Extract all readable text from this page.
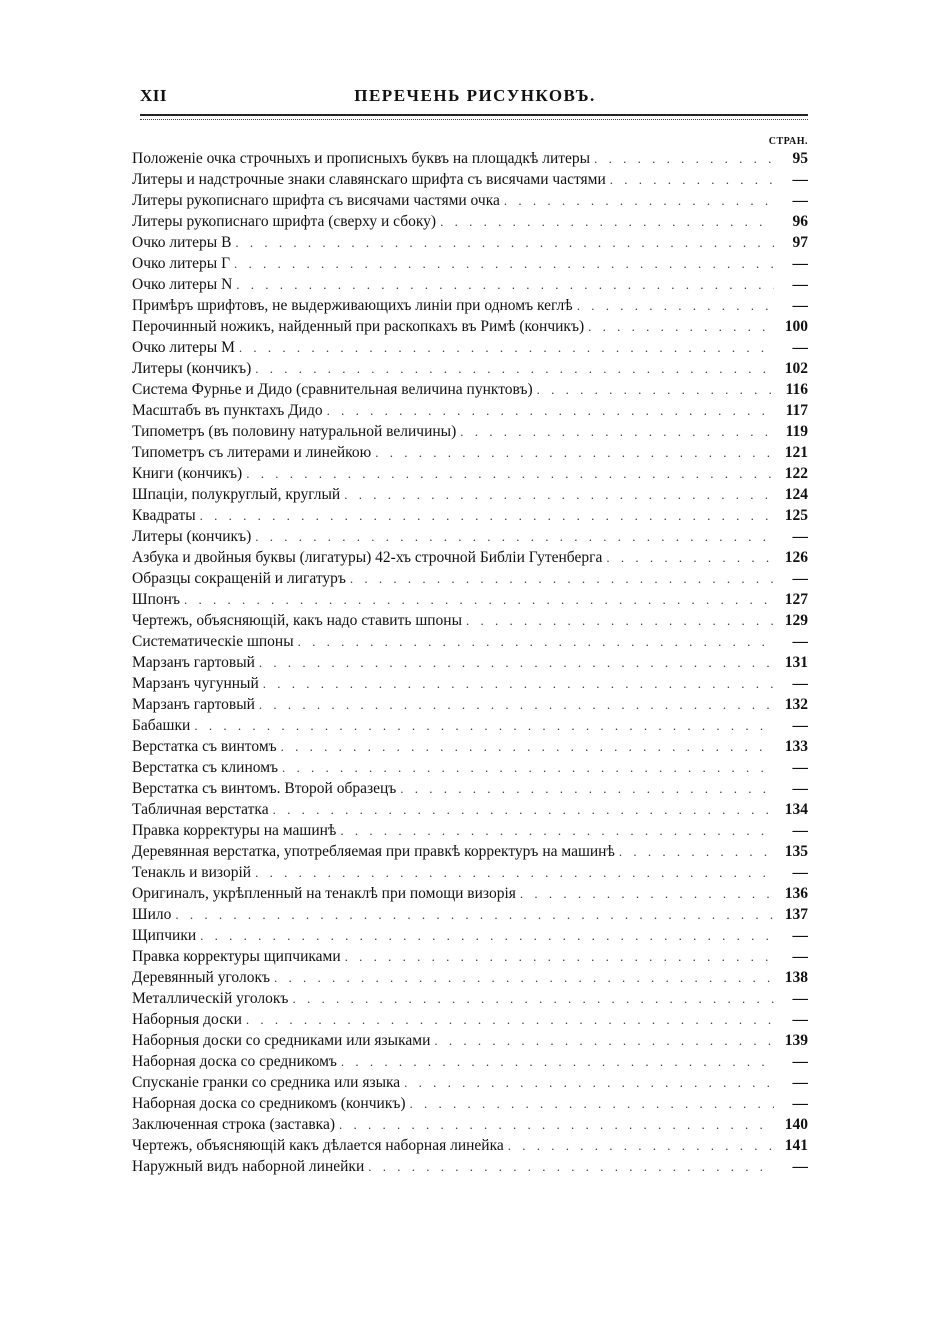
XII	ПЕРЕЧЕНЬ РИСУНКОВЪ.
СТРАН.
Положеніе очка строчныхъ и прописныхъ буквъ на площадкѣ литеры . . .	95
Литеры и надстрочные знаки славянскаго шрифта съ висячами частями . . .	—
Литеры рукописнаго шрифта съ висячами частями очка . . .	—
Литеры рукописнаго шрифта (сверху и сбоку) . . .	96
Очко литеры В . . .	97
Очко литеры Г . . .	—
Очко литеры N . . .	—
Примѣръ шрифтовъ, не выдерживающихъ линіи при одномъ кеглѣ . . .	—
Перочинный ножикъ, найденный при раскопкахъ въ Римѣ (кончикъ) . . .	100
Очко литеры М . . .	—
Литеры (кончикъ) . . .	102
Система Фурнье и Дидо (сравнительная величина пунктовъ) . . .	116
Масштабъ въ пунктахъ Дидо . . .	117
Типометръ (въ половину натуральной величины) . . .	119
Типометръ съ литерами и линейкою . . .	121
Книги (кончикъ) . . .	122
Шпаціи, полукруглый, круглый . . .	124
Квадраты . . .	125
Литеры (кончикъ) . . .	—
Азбука и двойныя буквы (лигатуры) 42-хъ строчной Библіи Гутенберга . . .	126
Образцы сокращеній и лигатуръ . . .	—
Шпонъ . . .	127
Чертежъ, объясняющій, какъ надо ставить шпоны . . .	129
Систематическіе шпоны . . .	—
Марзанъ гартовый . . .	131
Марзанъ чугунный . . .	—
Марзанъ гартовый . . .	132
Бабашки . . .	—
Верстатка съ винтомъ . . .	133
Верстатка съ клиномъ . . .	—
Верстатка съ винтомъ. Второй образецъ . . .	—
Табличная верстатка . . .	134
Правка корректуры на машинѣ . . .	—
Деревянная верстатка, употребляемая при правкѣ корректуръ на машинѣ . . .	135
Тенакль и визорій . . .	—
Оригиналъ, укрѣпленный на тенаклѣ при помощи визорія . . .	136
Шило . . .	137
Щипчики . . .	—
Правка корректуры щипчиками . . .	—
Деревянный уголокъ . . .	138
Металлическій уголокъ . . .	—
Наборныя доски . . .	—
Наборныя доски со средниками или языками . . .	139
Наборная доска со средникомъ . . .	—
Спусканіе гранки со средника или языка . . .	—
Наборная доска со средникомъ (кончикъ) . . .	—
Заключенная строка (заставка) . . .	140
Чертежъ, объясняющій какъ дѣлается наборная линейка . . .	141
Наружный видъ наборной линейки . . .	—
